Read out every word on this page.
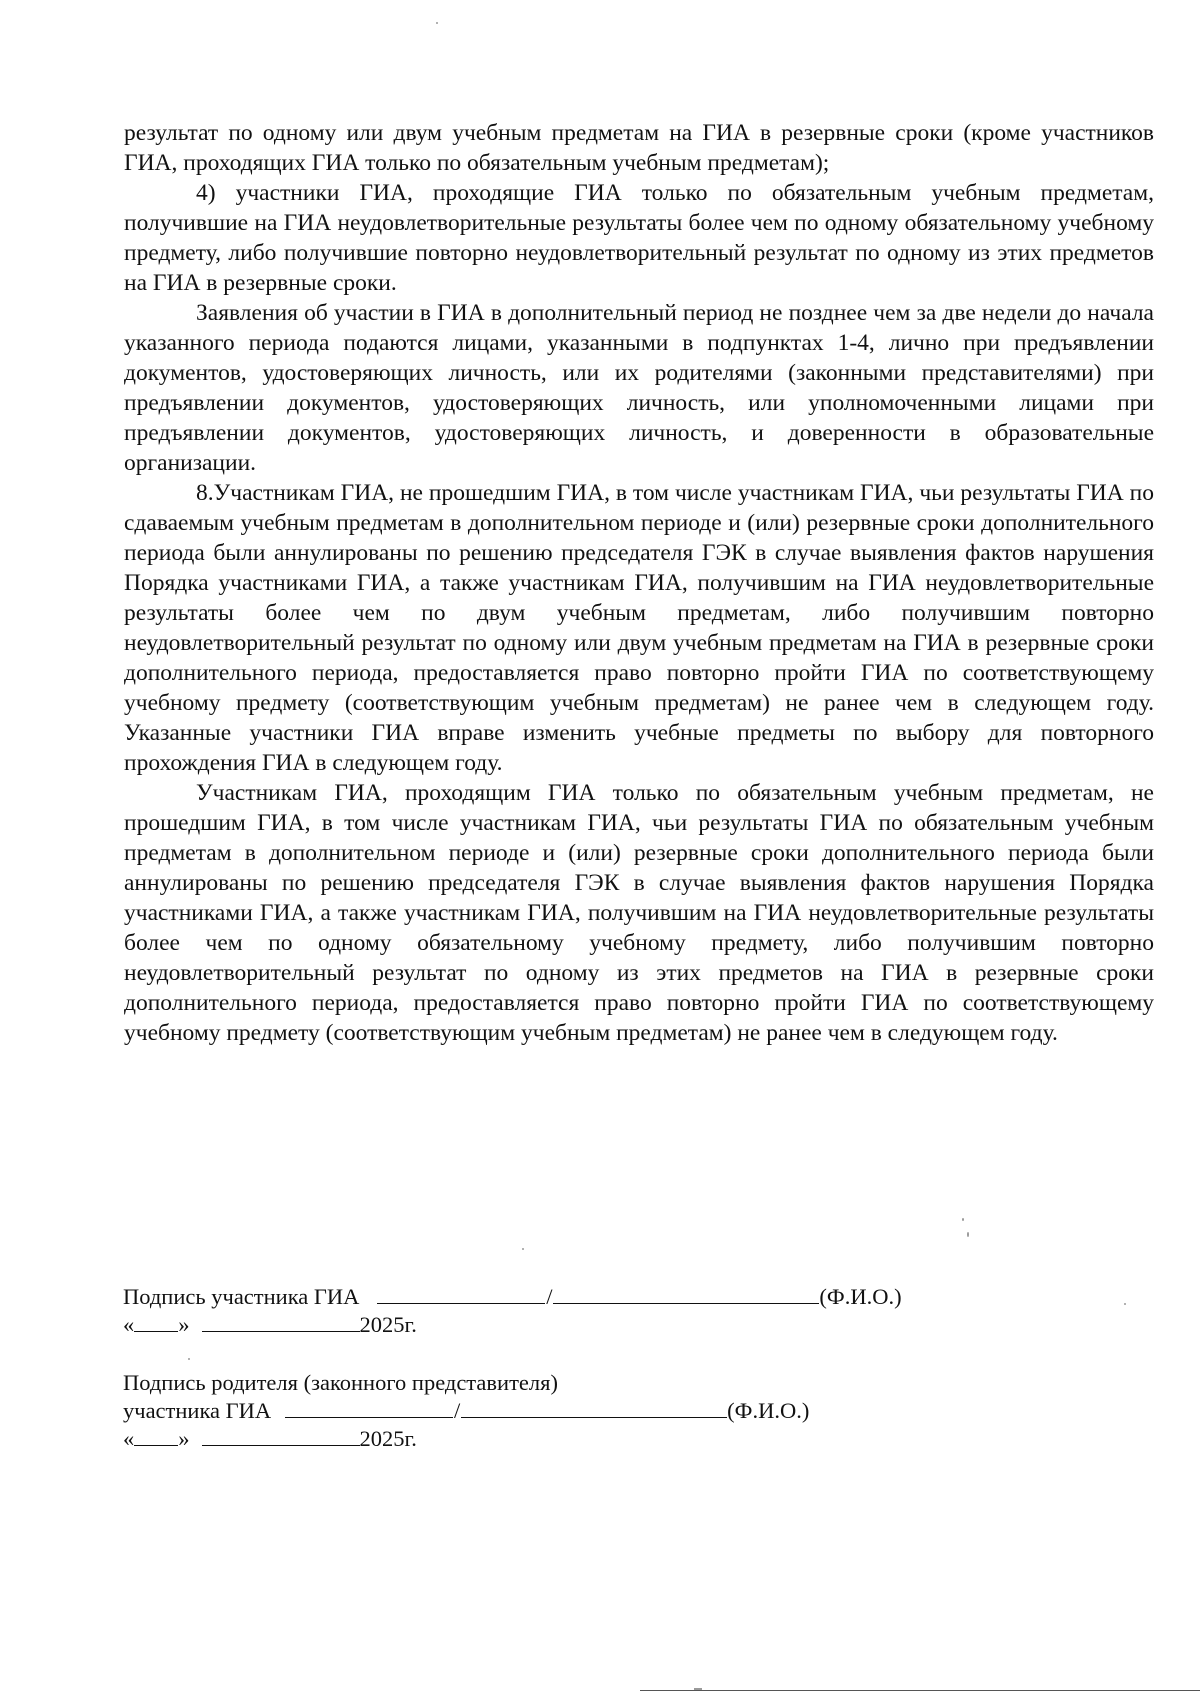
результат по одному или двум учебным предметам на ГИА в резервные сроки (кроме участников ГИА, проходящих ГИА только по обязательным учебным предметам);

4) участники ГИА, проходящие ГИА только по обязательным учебным предметам, получившие на ГИА неудовлетворительные результаты более чем по одному обязательному учебному предмету, либо получившие повторно неудовлетворительный результат по одному из этих предметов на ГИА в резервные сроки.

Заявления об участии в ГИА в дополнительный период не позднее чем за две недели до начала указанного периода подаются лицами, указанными в подпунктах 1-4, лично при предъявлении документов, удостоверяющих личность, или их родителями (законными представителями) при предъявлении документов, удостоверяющих личность, или уполномоченными лицами при предъявлении документов, удостоверяющих личность, и доверенности в образовательные организации.

8.Участникам ГИА, не прошедшим ГИА, в том числе участникам ГИА, чьи результаты ГИА по сдаваемым учебным предметам в дополнительном периоде и (или) резервные сроки дополнительного периода были аннулированы по решению председателя ГЭК в случае выявления фактов нарушения Порядка участниками ГИА, а также участникам ГИА, получившим на ГИА неудовлетворительные результаты более чем по двум учебным предметам, либо получившим повторно неудовлетворительный результат по одному или двум учебным предметам на ГИА в резервные сроки дополнительного периода, предоставляется право повторно пройти ГИА по соответствующему учебному предмету (соответствующим учебным предметам) не ранее чем в следующем году. Указанные участники ГИА вправе изменить учебные предметы по выбору для повторного прохождения ГИА в следующем году.

Участникам ГИА, проходящим ГИА только по обязательным учебным предметам, не прошедшим ГИА, в том числе участникам ГИА, чьи результаты ГИА по обязательным учебным предметам в дополнительном периоде и (или) резервные сроки дополнительного периода были аннулированы по решению председателя ГЭК в случае выявления фактов нарушения Порядка участниками ГИА, а также участникам ГИА, получившим на ГИА неудовлетворительные результаты более чем по одному обязательному учебному предмету, либо получившим повторно неудовлетворительный результат по одному из этих предметов на ГИА в резервные сроки дополнительного периода, предоставляется право повторно пройти ГИА по соответствующему учебному предмету (соответствующим учебным предметам) не ранее чем в следующем году.

Подпись участника ГИА	/	(Ф.И.О.)
« »	2025г.
Подпись родителя (законного представителя)
участника ГИА	/	(Ф.И.О.)
« »	2025г.
